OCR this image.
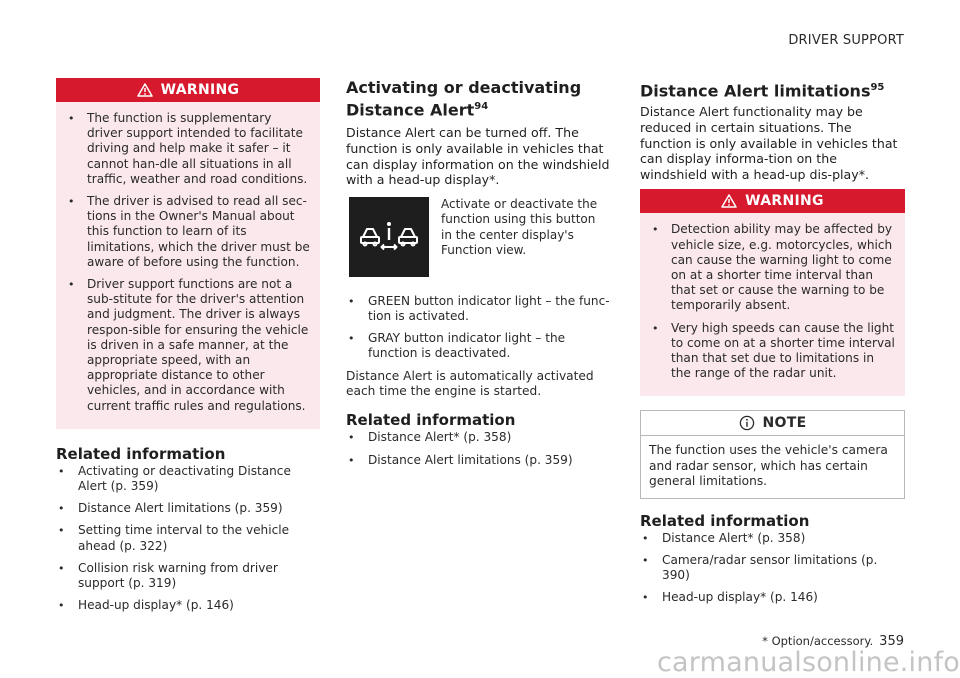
DRIVER SUPPORT
WARNING
• The function is supplementary driver support intended to facilitate driving and help make it safer – it cannot han-dle all situations in all traffic, weather and road conditions.
• The driver is advised to read all sec-tions in the Owner's Manual about this function to learn of its limitations, which the driver must be aware of before using the function.
• Driver support functions are not a sub-stitute for the driver's attention and judgment. The driver is always respon-sible for ensuring the vehicle is driven in a safe manner, at the appropriate speed, with an appropriate distance to other vehicles, and in accordance with current traffic rules and regulations.
Related information
• Activating or deactivating Distance Alert (p. 359)
• Distance Alert limitations (p. 359)
• Setting time interval to the vehicle ahead (p. 322)
• Collision risk warning from driver support (p. 319)
• Head-up display* (p. 146)
Activating or deactivating Distance Alert$^{94}$

Distance Alert can be turned off. The function is only available in vehicles that can display information on the windshield with a head-up display*.

Activate or deactivate the function using this button in the center display's Function view.
• GREEN button indicator light – the func-tion is activated.
• GRAY button indicator light – the function is deactivated.

Distance Alert is automatically activated each time the engine is started.

Related information
• Distance Alert* (p. 358)
• Distance Alert limitations (p. 359)
Distance Alert limitations$^{95}$

Distance Alert functionality may be reduced in certain situations. The function is only available in vehicles that can display informa-tion on the windshield with a head-up dis-play*.

WARNING
• Detection ability may be affected by vehicle size, e.g. motorcycles, which can cause the warning light to come on at a shorter time interval than that set or cause the warning to be temporarily absent.
• Very high speeds can cause the light to come on at a shorter time interval than that set due to limitations in the range of the radar unit.
NOTE
The function uses the vehicle's camera and radar sensor, which has certain general limitations.
Related information
• Distance Alert* (p. 358)
• Camera/radar sensor limitations (p. 390)
• Head-up display* (p. 146)
* Option/accessory. 359
carmanualsonline.info
